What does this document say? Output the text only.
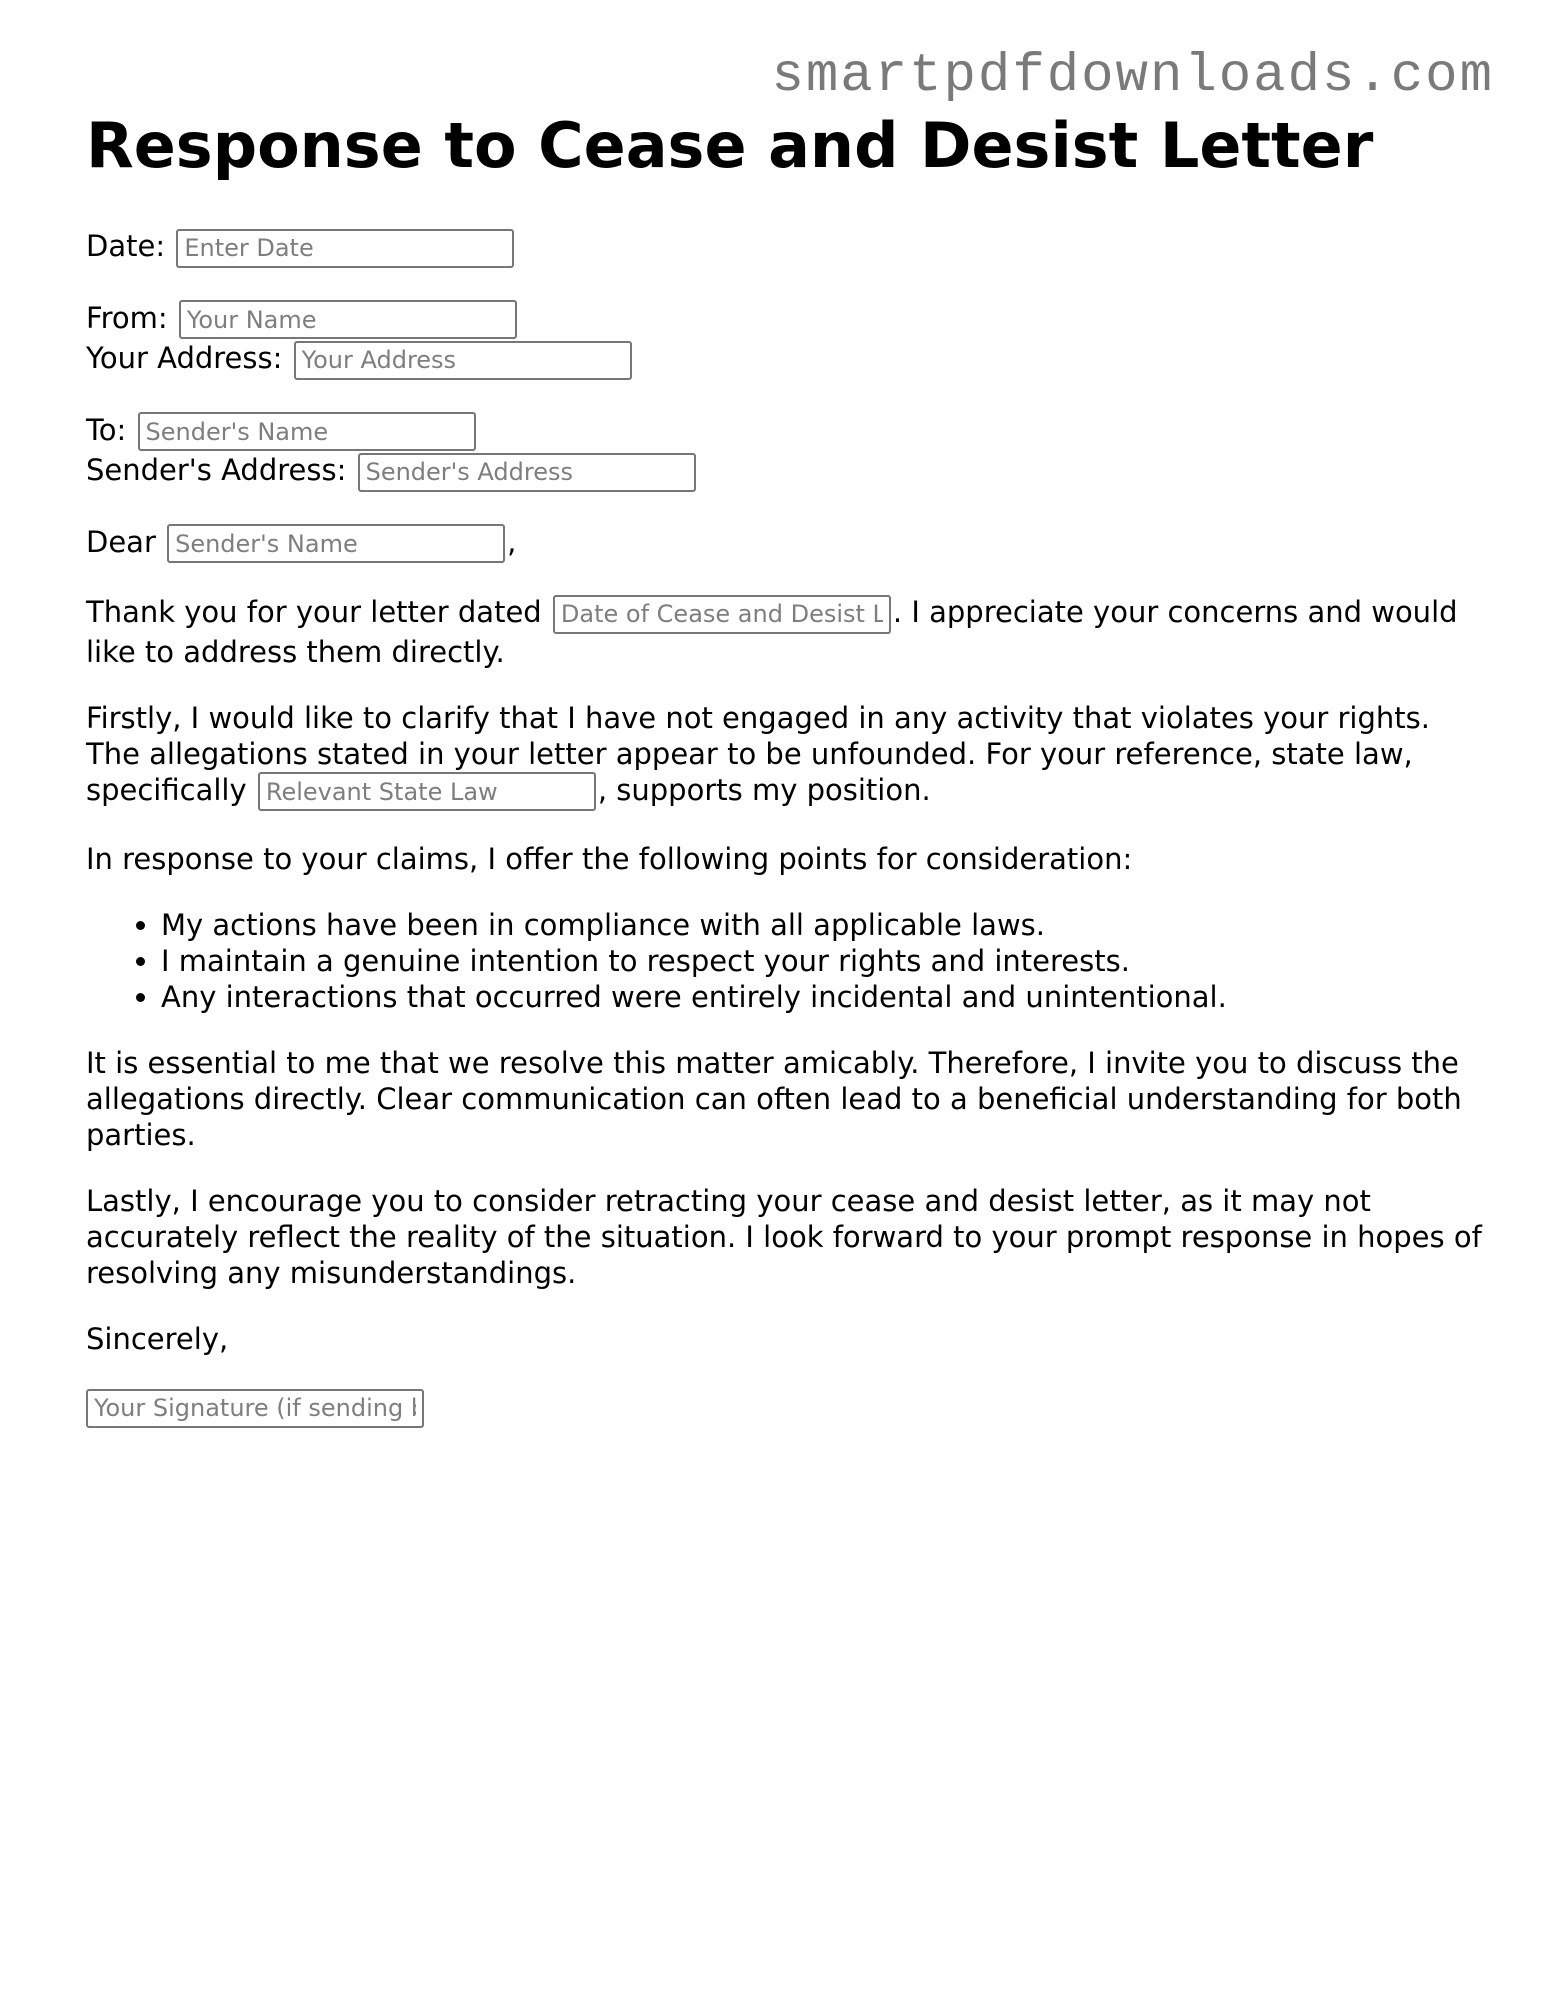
smartpdfdownloads.com
Response to Cease and Desist Letter

Date: Enter Date

From: Your Name

Your Address: Your Address

To: Sender's Name

Sender's Address: Sender's Address

Dear Sender's Name	,

Thank you for your letter dated Date of Cease and Desist Letter	. I appreciate your concerns and would like to address them directly.

Firstly, I would like to clarify that I have not engaged in any activity that violates your rights. The allegations stated in your letter appear to be unfounded. For your reference, state law, specifically Relevant State Law	, supports my position.

In response to your claims, I offer the following points for consideration:

• My actions have been in compliance with all applicable laws.
• I maintain a genuine intention to respect your rights and interests.
• Any interactions that occurred were entirely incidental and unintentional.

It is essential to me that we resolve this matter amicably. Therefore, I invite you to discuss the allegations directly. Clear communication can often lead to a beneficial understanding for both parties.

Lastly, I encourage you to consider retracting your cease and desist letter, as it may not accurately reflect the reality of the situation. I look forward to your prompt response in hopes of resolving any misunderstandings.

Sincerely,

Your Signature (if sending by mail)
